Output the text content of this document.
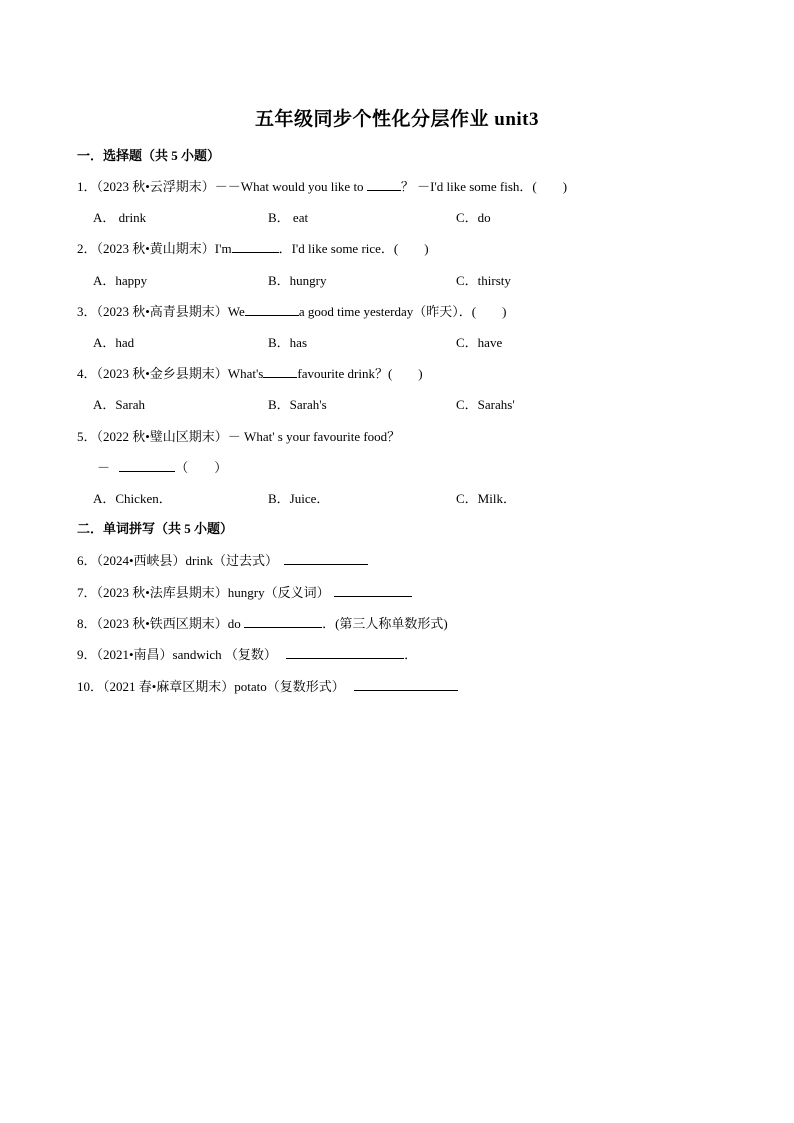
五年级同步个性化分层作业 unit3
一．选择题（共 5 小题）
1．（2023 秋•云浮期末）－－What would you like to	？ －I'd like some fish．(　　)
A． drink	B． eat	C．do
2．（2023 秋•黄山期末）I'm	．I'd like some rice．(　　)
A．happy	B．hungry	C．thirsty
3．（2023 秋•高青县期末）We	a good time yesterday（昨天）．(　　)
A．had	B．has	C．have
4．（2023 秋•金乡县期末）What's	favourite drink？(　　)
A．Sarah	B．Sarah's	C．Sarahs'
5．（2022 秋•璧山区期末）－ What' s your favourite food？
－	（　　）
A．Chicken．	B．Juice．	C．Milk．
二．单词拼写（共 5 小题）
6．（2024•西峡县）drink（过去式）
7．（2023 秋•法库县期末）hungry（反义词）
8．（2023 秋•铁西区期末）do	．(第三人称单数形式)
9．（2021•南昌）sandwich （复数）	．
10．（2021 春•麻章区期末）potato（复数形式）
